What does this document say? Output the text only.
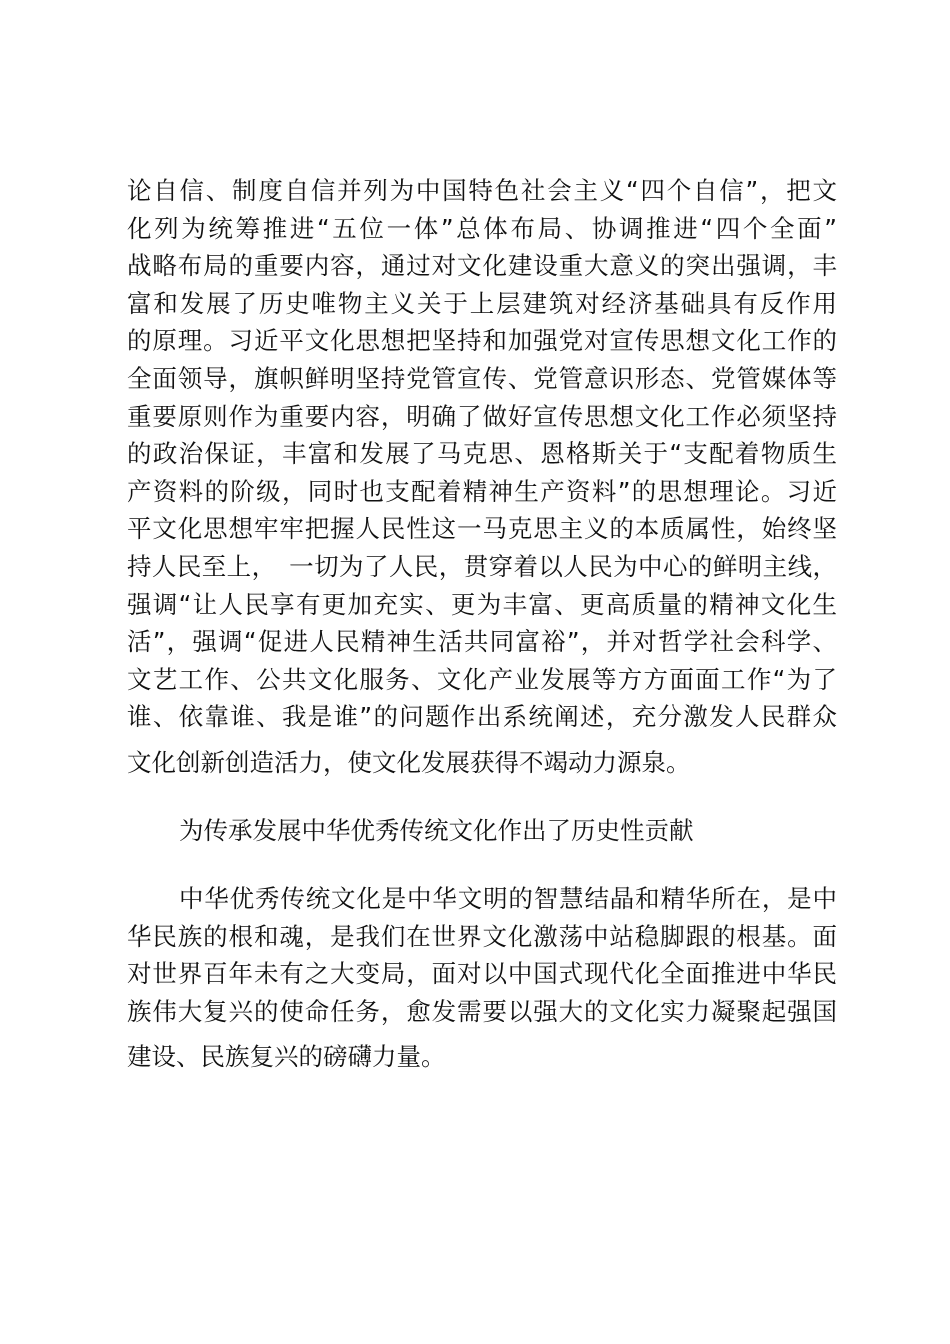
论自信、制度自信并列为中国特色社会主义“四个自信”，把文
化列为统筹推进“五位一体”总体布局、协调推进“四个全面”
战略布局的重要内容，通过对文化建设重大意义的突出强调，丰
富和发展了历史唯物主义关于上层建筑对经济基础具有反作用
的原理。习近平文化思想把坚持和加强党对宣传思想文化工作的
全面领导，旗帜鲜明坚持党管宣传、党管意识形态、党管媒体等
重要原则作为重要内容，明确了做好宣传思想文化工作必须坚持
的政治保证，丰富和发展了马克思、恩格斯关于“支配着物质生
产资料的阶级，同时也支配着精神生产资料”的思想理论。习近
平文化思想牢牢把握人民性这一马克思主义的本质属性，始终坚
持人民至上，　一切为了人民，贯穿着以人民为中心的鲜明主线，
强调“让人民享有更加充实、更为丰富、更高质量的精神文化生
活”，强调“促进人民精神生活共同富裕”，并对哲学社会科学、
文艺工作、公共文化服务、文化产业发展等方方面面工作“为了
谁、依靠谁、我是谁”的问题作出系统阐述，充分激发人民群众
文化创新创造活力，使文化发展获得不竭动力源泉。
为传承发展中华优秀传统文化作出了历史性贡献
中华优秀传统文化是中华文明的智慧结晶和精华所在，是中
华民族的根和魂，是我们在世界文化激荡中站稳脚跟的根基。面
对世界百年未有之大变局，面对以中国式现代化全面推进中华民
族伟大复兴的使命任务，愈发需要以强大的文化实力凝聚起强国
建设、民族复兴的磅礴力量。
